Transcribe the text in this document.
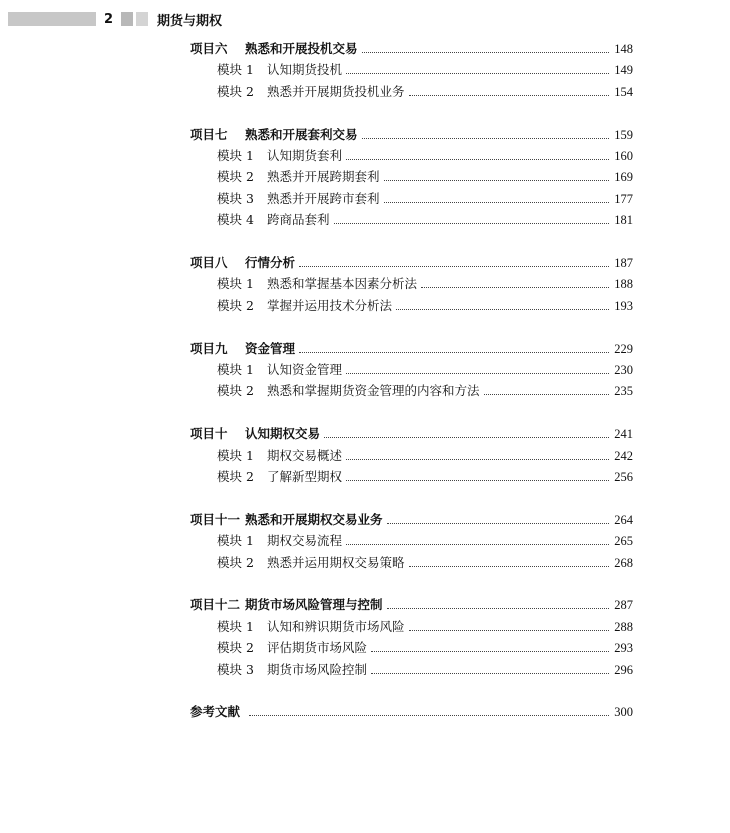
2	期货与期权
项目六 熟悉和开展投机交易	148
模块 1 认知期货投机	149
模块 2 熟悉并开展期货投机业务	154
项目七 熟悉和开展套利交易	159
模块 1 认知期货套利	160
模块 2 熟悉并开展跨期套利	169
模块 3 熟悉并开展跨市套利	177
模块 4 跨商品套利	181
项目八 行情分析	187
模块 1 熟悉和掌握基本因素分析法	188
模块 2 掌握并运用技术分析法	193
项目九 资金管理	229
模块 1 认知资金管理	230
模块 2 熟悉和掌握期货资金管理的内容和方法	235
项目十 认知期权交易	241
模块 1 期权交易概述	242
模块 2 了解新型期权	256
项目十一 熟悉和开展期权交易业务	264
模块 1 期权交易流程	265
模块 2 熟悉并运用期权交易策略	268
项目十二 期货市场风险管理与控制	287
模块 1 认知和辨识期货市场风险	288
模块 2 评估期货市场风险	293
模块 3 期货市场风险控制	296
参考文献	300
